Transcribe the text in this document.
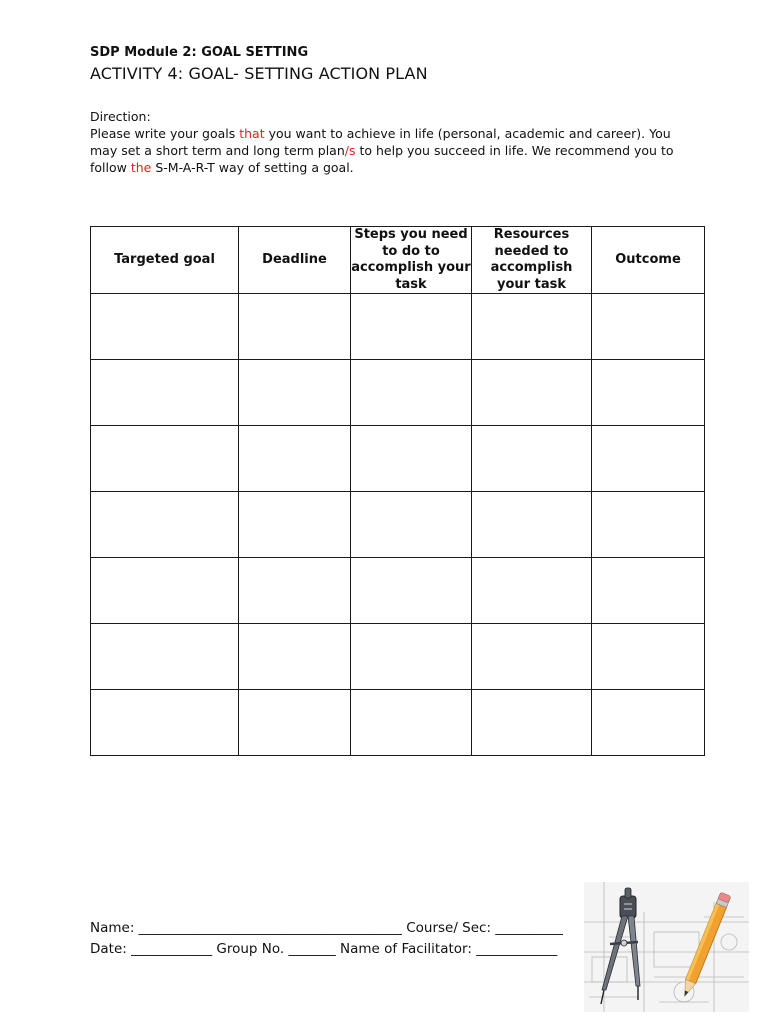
SDP Module 2: GOAL SETTING
ACTIVITY 4: GOAL- SETTING ACTION PLAN
Direction:
Please write your goals that you want to achieve in life (personal, academic and career). You may set a short term and long term plan/s to help you succeed in life. We recommend you to follow the S-M-A-R-T way of setting a goal.
Targeted goal	Deadline	Steps you need to do to accomplish your task	Resources needed to accomplish your task	Outcome

Name: _______________________________________ Course/ Sec: __________
Date: ____________ Group No. _______ Name of Facilitator: ____________
